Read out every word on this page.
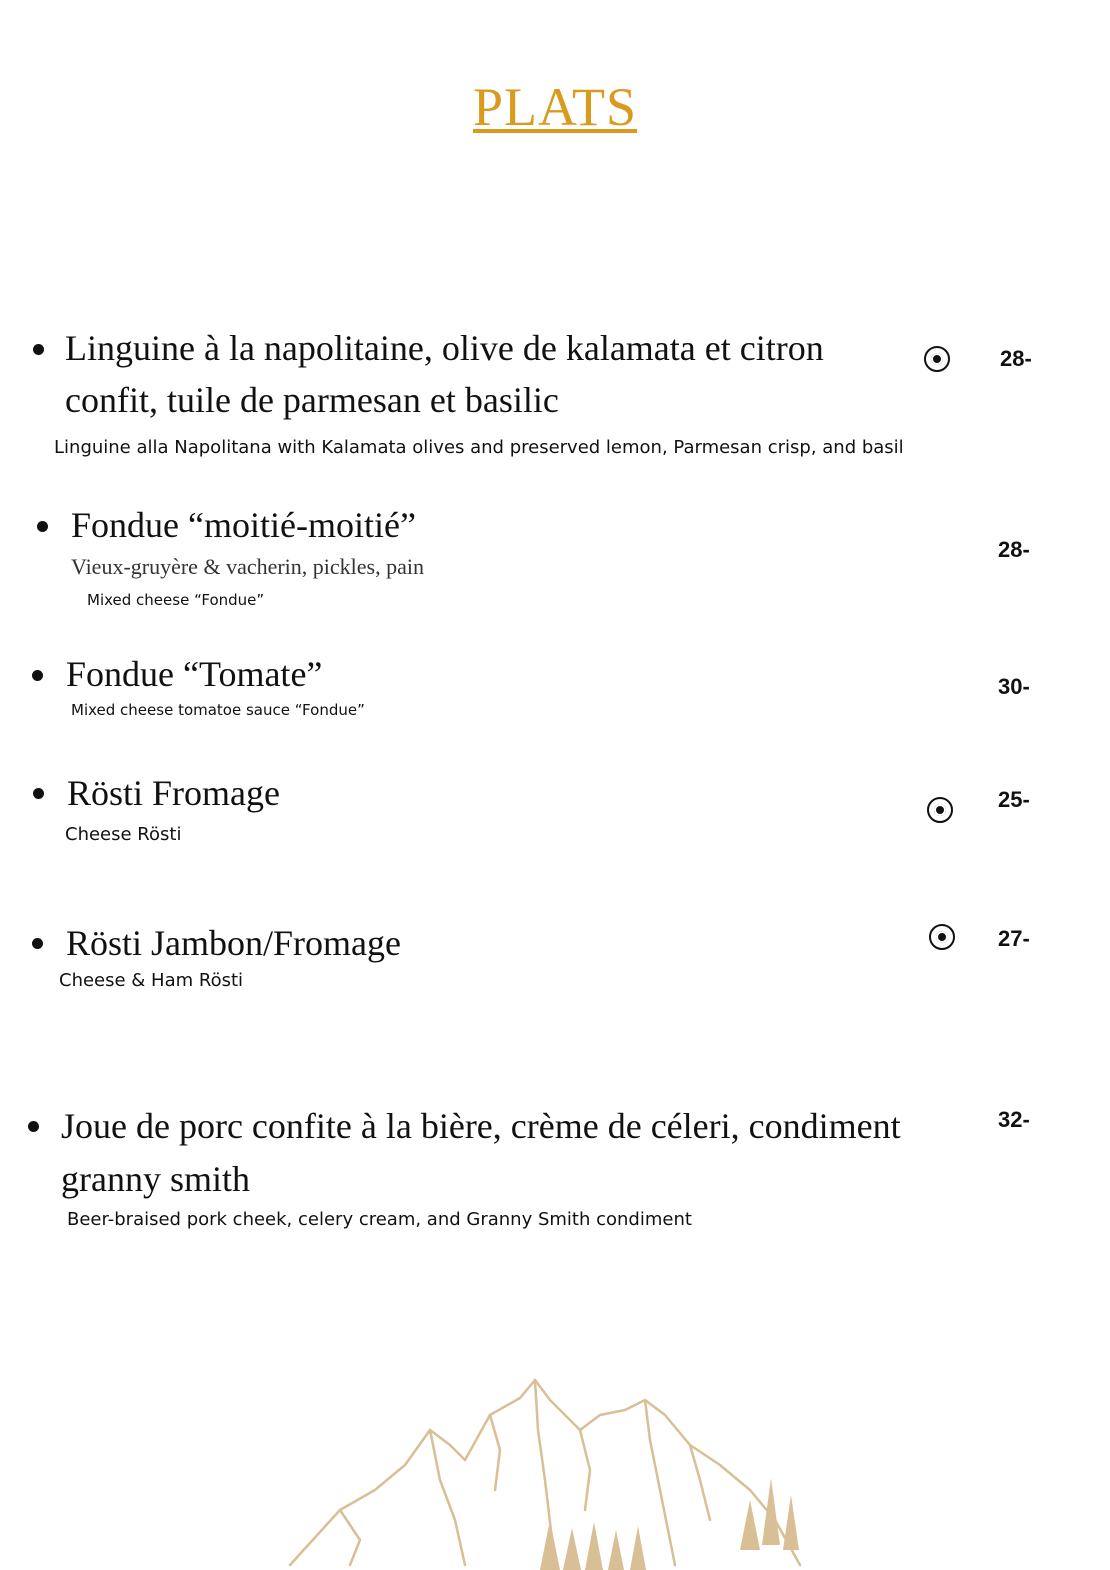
PLATS
Linguine à la napolitaine, olive de kalamata et citron
confit, tuile de parmesan et basilic
Linguine alla Napolitana with Kalamata olives and preserved lemon, Parmesan crisp, and basil
28-
Fondue “moitié-moitié”
Vieux-gruyère & vacherin, pickles, pain
Mixed cheese “Fondue”
28-
Fondue “Tomate”
Mixed cheese tomatoe sauce “Fondue”
30-
Rösti Fromage
Cheese Rösti
25-
Rösti Jambon/Fromage
Cheese & Ham Rösti
27-
Joue de porc confite à la bière, crème de céleri, condiment
granny smith
Beer-braised pork cheek, celery cream, and Granny Smith condiment
32-
